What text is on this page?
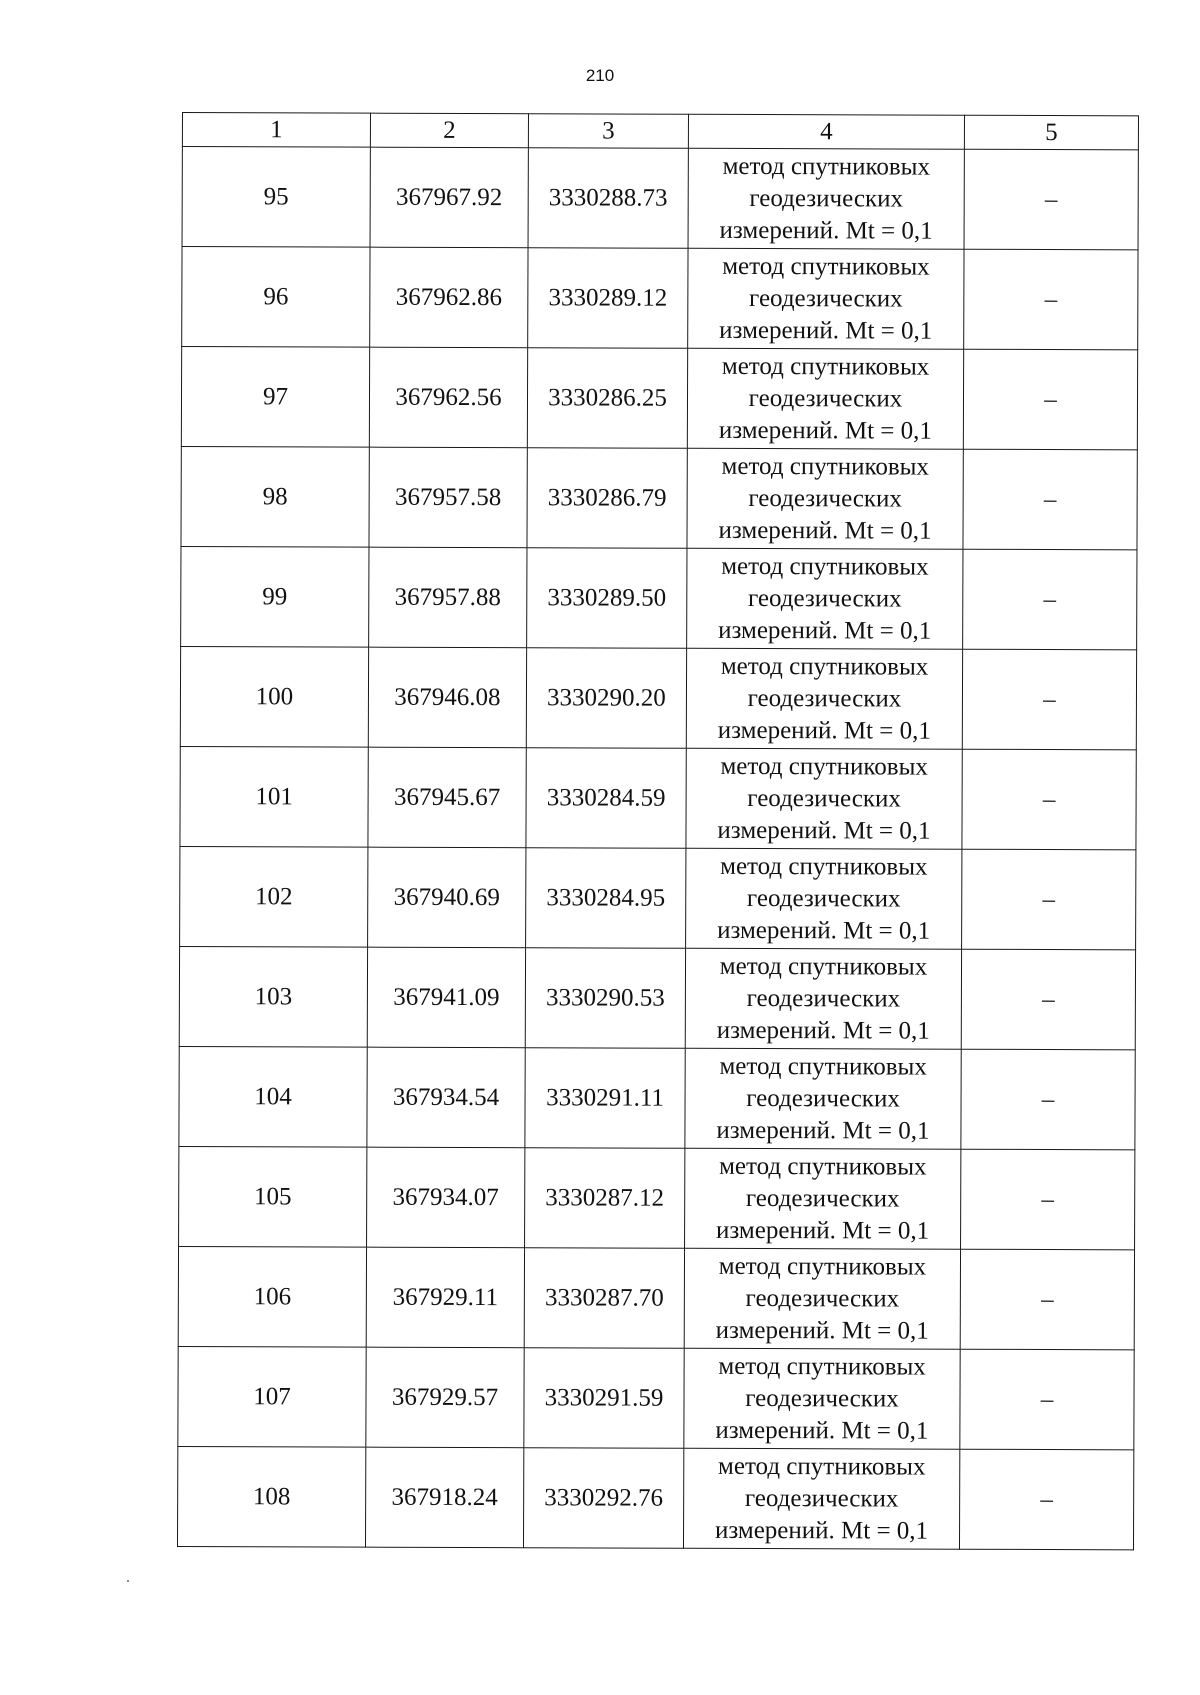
210
1	2	3	4	5
95	367967.92	3330288.73	метод спутниковых
геодезических
измерений. Mt = 0,1	–
96	367962.86	3330289.12	метод спутниковых
геодезических
измерений. Mt = 0,1	–
97	367962.56	3330286.25	метод спутниковых
геодезических
измерений. Mt = 0,1	–
98	367957.58	3330286.79	метод спутниковых
геодезических
измерений. Mt = 0,1	–
99	367957.88	3330289.50	метод спутниковых
геодезических
измерений. Mt = 0,1	–
100	367946.08	3330290.20	метод спутниковых
геодезических
измерений. Mt = 0,1	–
101	367945.67	3330284.59	метод спутниковых
геодезических
измерений. Mt = 0,1	–
102	367940.69	3330284.95	метод спутниковых
геодезических
измерений. Mt = 0,1	–
103	367941.09	3330290.53	метод спутниковых
геодезических
измерений. Mt = 0,1	–
104	367934.54	3330291.11	метод спутниковых
геодезических
измерений. Mt = 0,1	–
105	367934.07	3330287.12	метод спутниковых
геодезических
измерений. Mt = 0,1	–
106	367929.11	3330287.70	метод спутниковых
геодезических
измерений. Mt = 0,1	–
107	367929.57	3330291.59	метод спутниковых
геодезических
измерений. Mt = 0,1	–
108	367918.24	3330292.76	метод спутниковых
геодезических
измерений. Mt = 0,1	–
